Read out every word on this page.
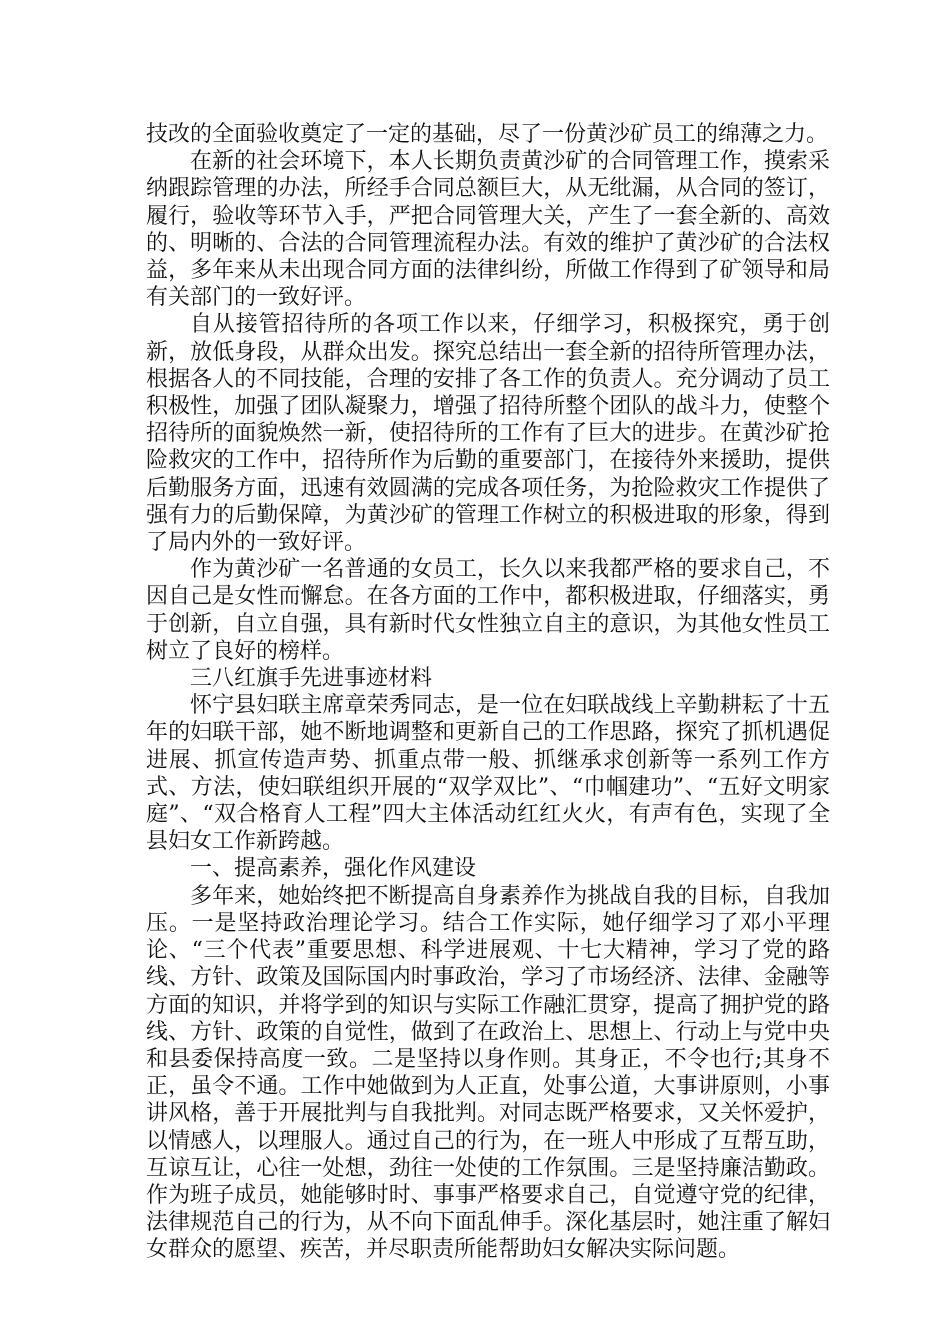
技改的全面验收奠定了一定的基础，尽了一份黄沙矿员工的绵薄之力。

在新的社会环境下，本人长期负责黄沙矿的合同管理工作，摸索采纳跟踪管理的办法，所经手合同总额巨大，从无纰漏，从合同的签订，履行，验收等环节入手，严把合同管理大关，产生了一套全新的、高效的、明晰的、合法的合同管理流程办法。有效的维护了黄沙矿的合法权益，多年来从未出现合同方面的法律纠纷，所做工作得到了矿领导和局有关部门的一致好评。

自从接管招待所的各项工作以来，仔细学习，积极探究，勇于创新，放低身段，从群众出发。探究总结出一套全新的招待所管理办法，根据各人的不同技能，合理的安排了各工作的负责人。充分调动了员工积极性，加强了团队凝聚力，增强了招待所整个团队的战斗力，使整个招待所的面貌焕然一新，使招待所的工作有了巨大的进步。在黄沙矿抢险救灾的工作中，招待所作为后勤的重要部门，在接待外来援助，提供后勤服务方面，迅速有效圆满的完成各项任务，为抢险救灾工作提供了强有力的后勤保障，为黄沙矿的管理工作树立的积极进取的形象，得到了局内外的一致好评。

作为黄沙矿一名普通的女员工，长久以来我都严格的要求自己，不因自己是女性而懈怠。在各方面的工作中，都积极进取，仔细落实，勇于创新，自立自强，具有新时代女性独立自主的意识，为其他女性员工树立了良好的榜样。

三八红旗手先进事迹材料

怀宁县妇联主席章荣秀同志，是一位在妇联战线上辛勤耕耘了十五年的妇联干部，她不断地调整和更新自己的工作思路，探究了抓机遇促进展、抓宣传造声势、抓重点带一般、抓继承求创新等一系列工作方式、方法，使妇联组织开展的“双学双比”、“巾帼建功”、“五好文明家庭”、“双合格育人工程”四大主体活动红红火火，有声有色，实现了全县妇女工作新跨越。

一、提高素养，强化作风建设

多年来，她始终把不断提高自身素养作为挑战自我的目标，自我加压。一是坚持政治理论学习。结合工作实际，她仔细学习了邓小平理论、“三个代表”重要思想、科学进展观、十七大精神，学习了党的路线、方针、政策及国际国内时事政治，学习了市场经济、法律、金融等方面的知识，并将学到的知识与实际工作融汇贯穿，提高了拥护党的路线、方针、政策的自觉性，做到了在政治上、思想上、行动上与党中央和县委保持高度一致。二是坚持以身作则。其身正，不令也行;其身不正，虽令不通。工作中她做到为人正直，处事公道，大事讲原则，小事讲风格，善于开展批判与自我批判。对同志既严格要求，又关怀爱护，以情感人，以理服人。通过自己的行为，在一班人中形成了互帮互助，互谅互让，心往一处想，劲往一处使的工作氛围。三是坚持廉洁勤政。作为班子成员，她能够时时、事事严格要求自己，自觉遵守党的纪律，法律规范自己的行为，从不向下面乱伸手。深化基层时，她注重了解妇女群众的愿望、疾苦，并尽职责所能帮助妇女解决实际问题。
